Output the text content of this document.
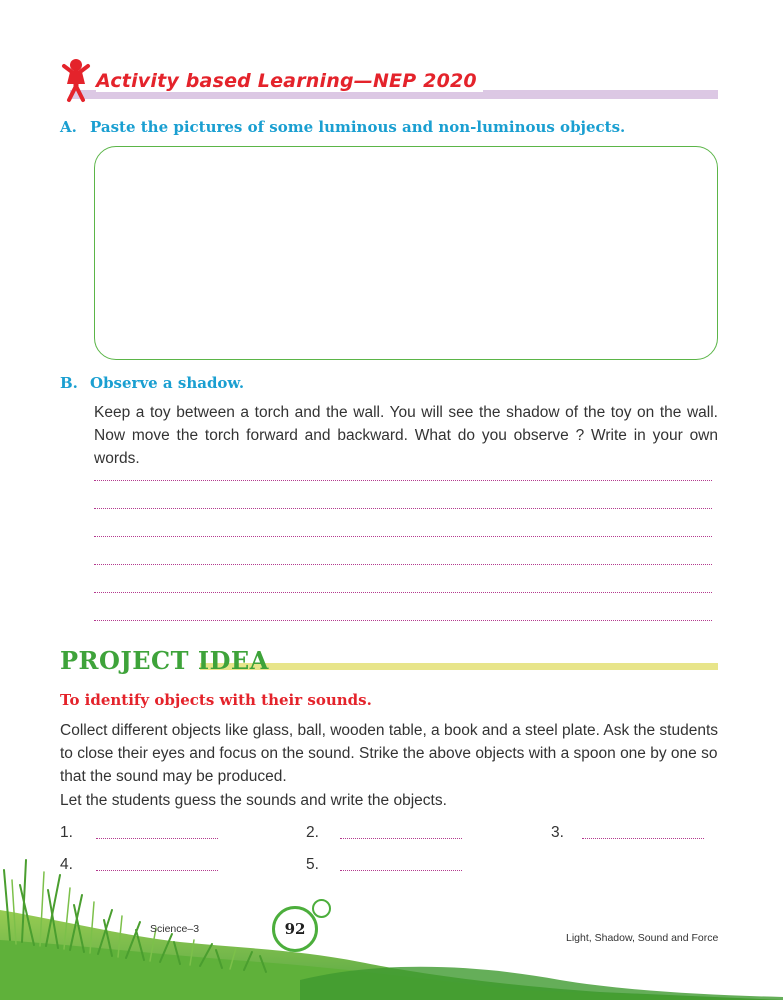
Activity based Learning—NEP 2020
A. Paste the pictures of some luminous and non-luminous objects.
B. Observe a shadow.
Keep a toy between a torch and the wall. You will see the shadow of the toy on the wall. Now move the torch forward and backward. What do you observe ? Write in your own words.
PROJECT IDEA
To identify objects with their sounds.
Collect different objects like glass, ball, wooden table, a book and a steel plate. Ask the students to close their eyes and focus on the sound. Strike the above objects with a spoon one by one so that the sound may be produced.
Let the students guess the sounds and write the objects.
1.	2.	3.
4.	5.
Science–3	92	Light, Shadow, Sound and Force
